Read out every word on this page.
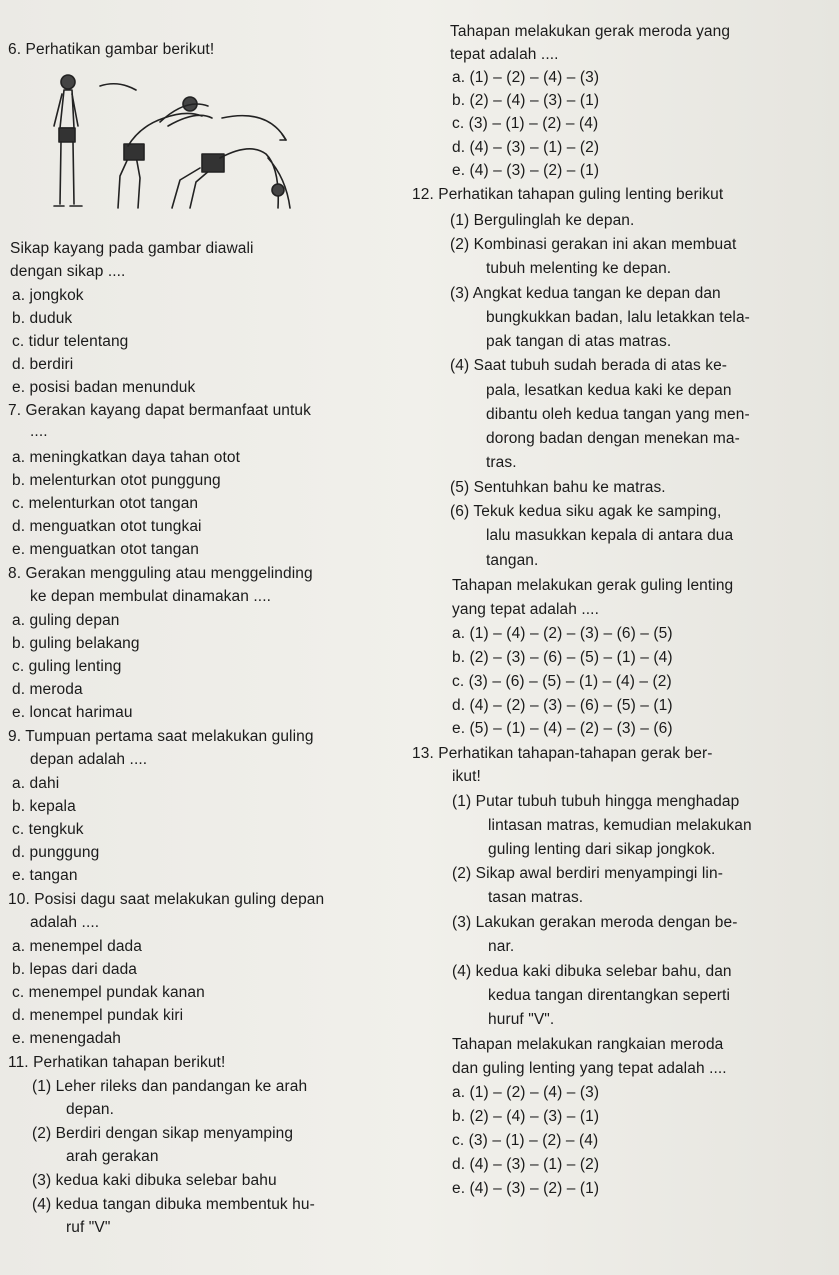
6. Perhatikan gambar berikut!
Sikap kayang pada gambar diawali
dengan sikap ....
a. jongkok
b. duduk
c. tidur telentang
d. berdiri
e. posisi badan menunduk
7. Gerakan kayang dapat bermanfaat untuk
....
a. meningkatkan daya tahan otot
b. melenturkan otot punggung
c. melenturkan otot tangan
d. menguatkan otot tungkai
e. menguatkan otot tangan
8. Gerakan mengguling atau menggelinding
ke depan membulat dinamakan ....
a. guling depan
b. guling belakang
c. guling lenting
d. meroda
e. loncat harimau
9. Tumpuan pertama saat melakukan guling
depan adalah ....
a. dahi
b. kepala
c. tengkuk
d. punggung
e. tangan
10. Posisi dagu saat melakukan guling depan
adalah ....
a. menempel dada
b. lepas dari dada
c. menempel pundak kanan
d. menempel pundak kiri
e. menengadah
11. Perhatikan tahapan berikut!
(1) Leher rileks dan pandangan ke arah
depan.
(2) Berdiri dengan sikap menyamping
arah gerakan
(3) kedua kaki dibuka selebar bahu
(4) kedua tangan dibuka membentuk hu-
ruf "V"
Tahapan melakukan gerak meroda yang
tepat adalah ....
a. (1) – (2) – (4) – (3)
b. (2) – (4) – (3) – (1)
c. (3) – (1) – (2) – (4)
d. (4) – (3) – (1) – (2)
e. (4) – (3) – (2) – (1)
12. Perhatikan tahapan guling lenting berikut
(1) Bergulinglah ke depan.
(2) Kombinasi gerakan ini akan membuat
tubuh melenting ke depan.
(3) Angkat kedua tangan ke depan dan
bungkukkan badan, lalu letakkan tela-
pak tangan di atas matras.
(4) Saat tubuh sudah berada di atas ke-
pala, lesatkan kedua kaki ke depan
dibantu oleh kedua tangan yang men-
dorong badan dengan menekan ma-
tras.
(5) Sentuhkan bahu ke matras.
(6) Tekuk kedua siku agak ke samping,
lalu masukkan kepala di antara dua
tangan.
Tahapan melakukan gerak guling lenting
yang tepat adalah ....
a. (1) – (4) – (2) – (3) – (6) – (5)
b. (2) – (3) – (6) – (5) – (1) – (4)
c. (3) – (6) – (5) – (1) – (4) – (2)
d. (4) – (2) – (3) – (6) – (5) – (1)
e. (5) – (1) – (4) – (2) – (3) – (6)
13. Perhatikan tahapan-tahapan gerak ber-
ikut!
(1) Putar tubuh tubuh hingga menghadap
lintasan matras, kemudian melakukan
guling lenting dari sikap jongkok.
(2) Sikap awal berdiri menyampingi lin-
tasan matras.
(3) Lakukan gerakan meroda dengan be-
nar.
(4) kedua kaki dibuka selebar bahu, dan
kedua tangan direntangkan seperti
huruf "V".
Tahapan melakukan rangkaian meroda
dan guling lenting yang tepat adalah ....
a. (1) – (2) – (4) – (3)
b. (2) – (4) – (3) – (1)
c. (3) – (1) – (2) – (4)
d. (4) – (3) – (1) – (2)
e. (4) – (3) – (2) – (1)
